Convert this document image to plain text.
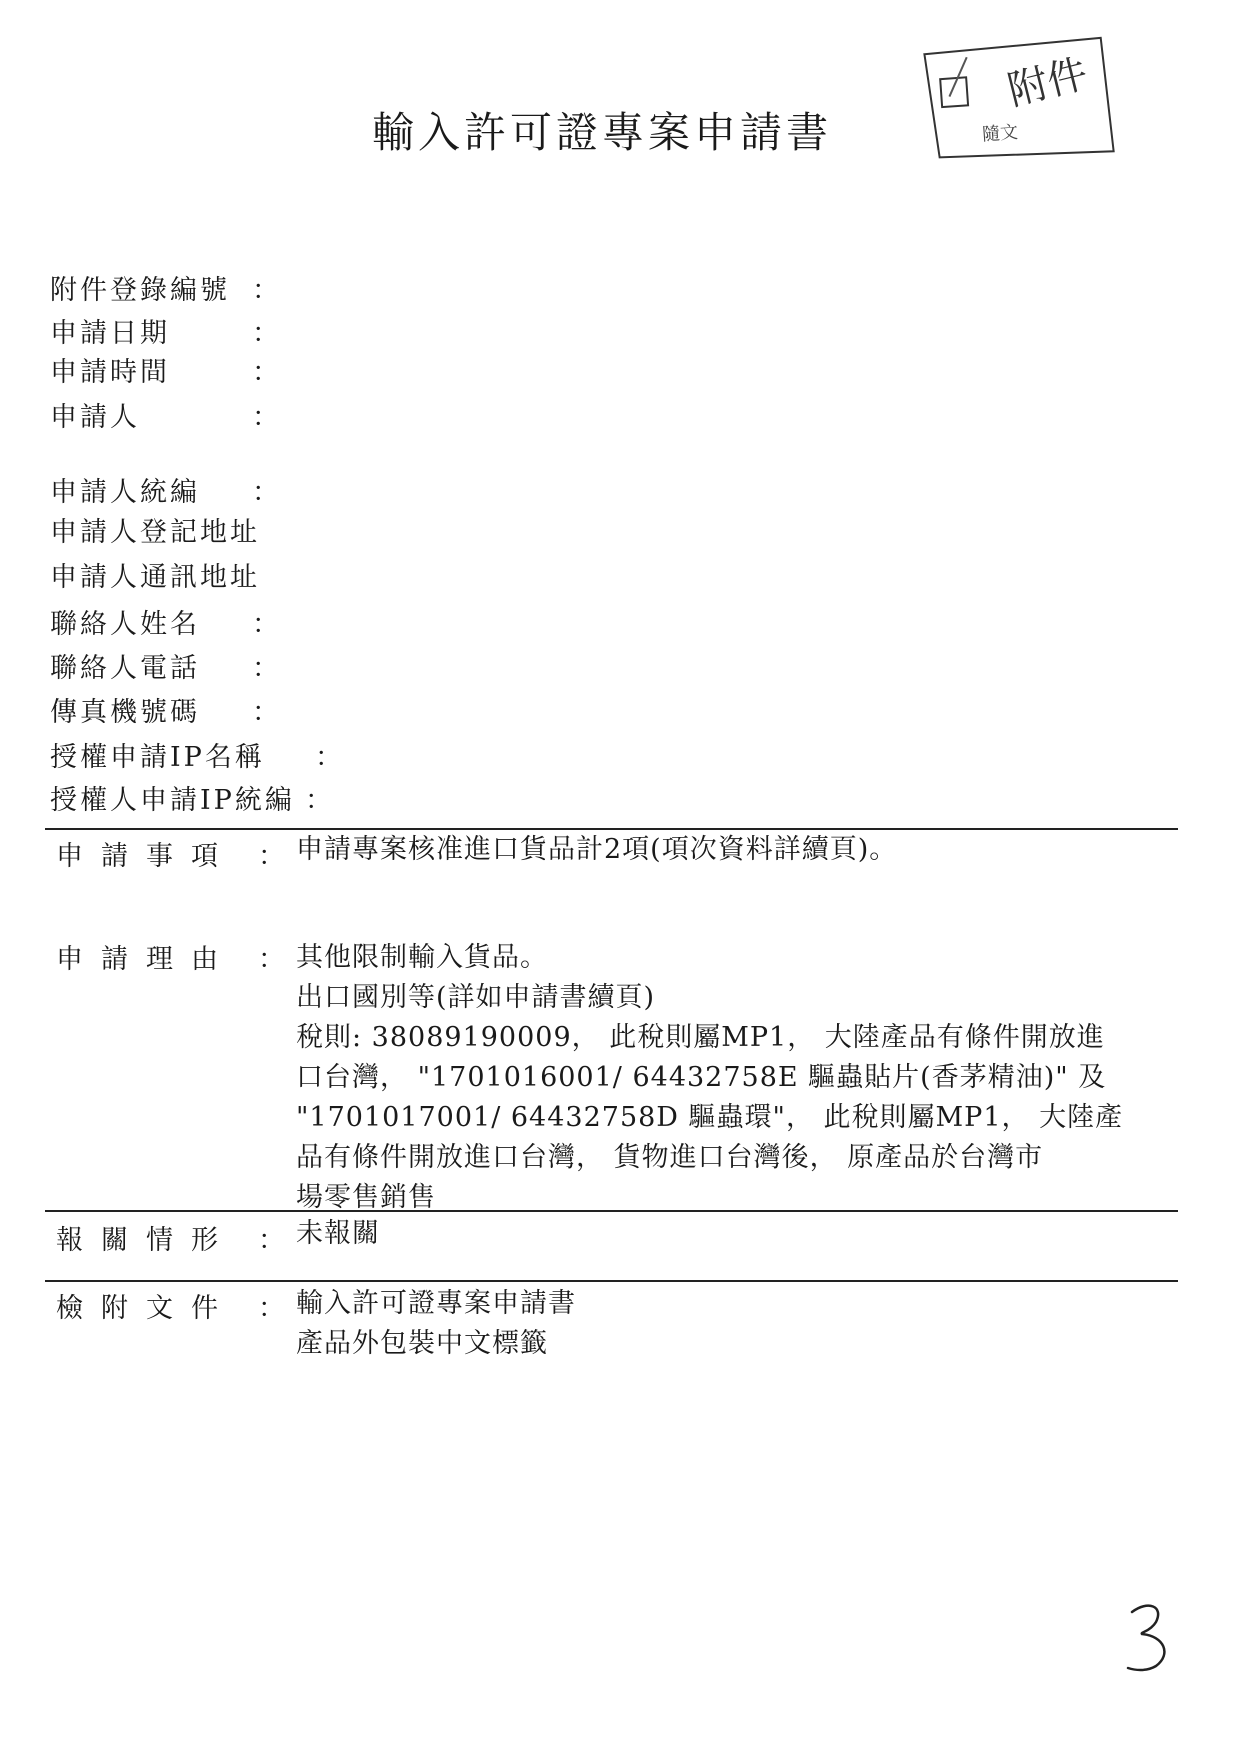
輸入許可證專案申請書
附件
隨文
附件登錄編號 ：
申請日期	：
申請時間	：
申請人	：
申請人統編 ：
申請人登記地址
申請人通訊地址
聯絡人姓名 ：
聯絡人電話 ：
傳真機號碼 ：
授權申請IP名稱 ：
授權人申請IP統編 ：
申請事項 ： 申請專案核准進口貨品計2項(項次資料詳續頁)。
申請理由 ： 其他限制輸入貨品。
出口國別等(詳如申請書續頁)
稅則: 38089190009， 此稅則屬MP1， 大陸產品有條件開放進
口台灣， "1701016001/ 64432758E 驅蟲貼片(香茅精油)" 及
"1701017001/ 64432758D 驅蟲環"， 此稅則屬MP1， 大陸產
品有條件開放進口台灣， 貨物進口台灣後， 原產品於台灣市
場零售銷售
報關情形 ： 未報關
檢附文件 ： 輸入許可證專案申請書
產品外包裝中文標籤
